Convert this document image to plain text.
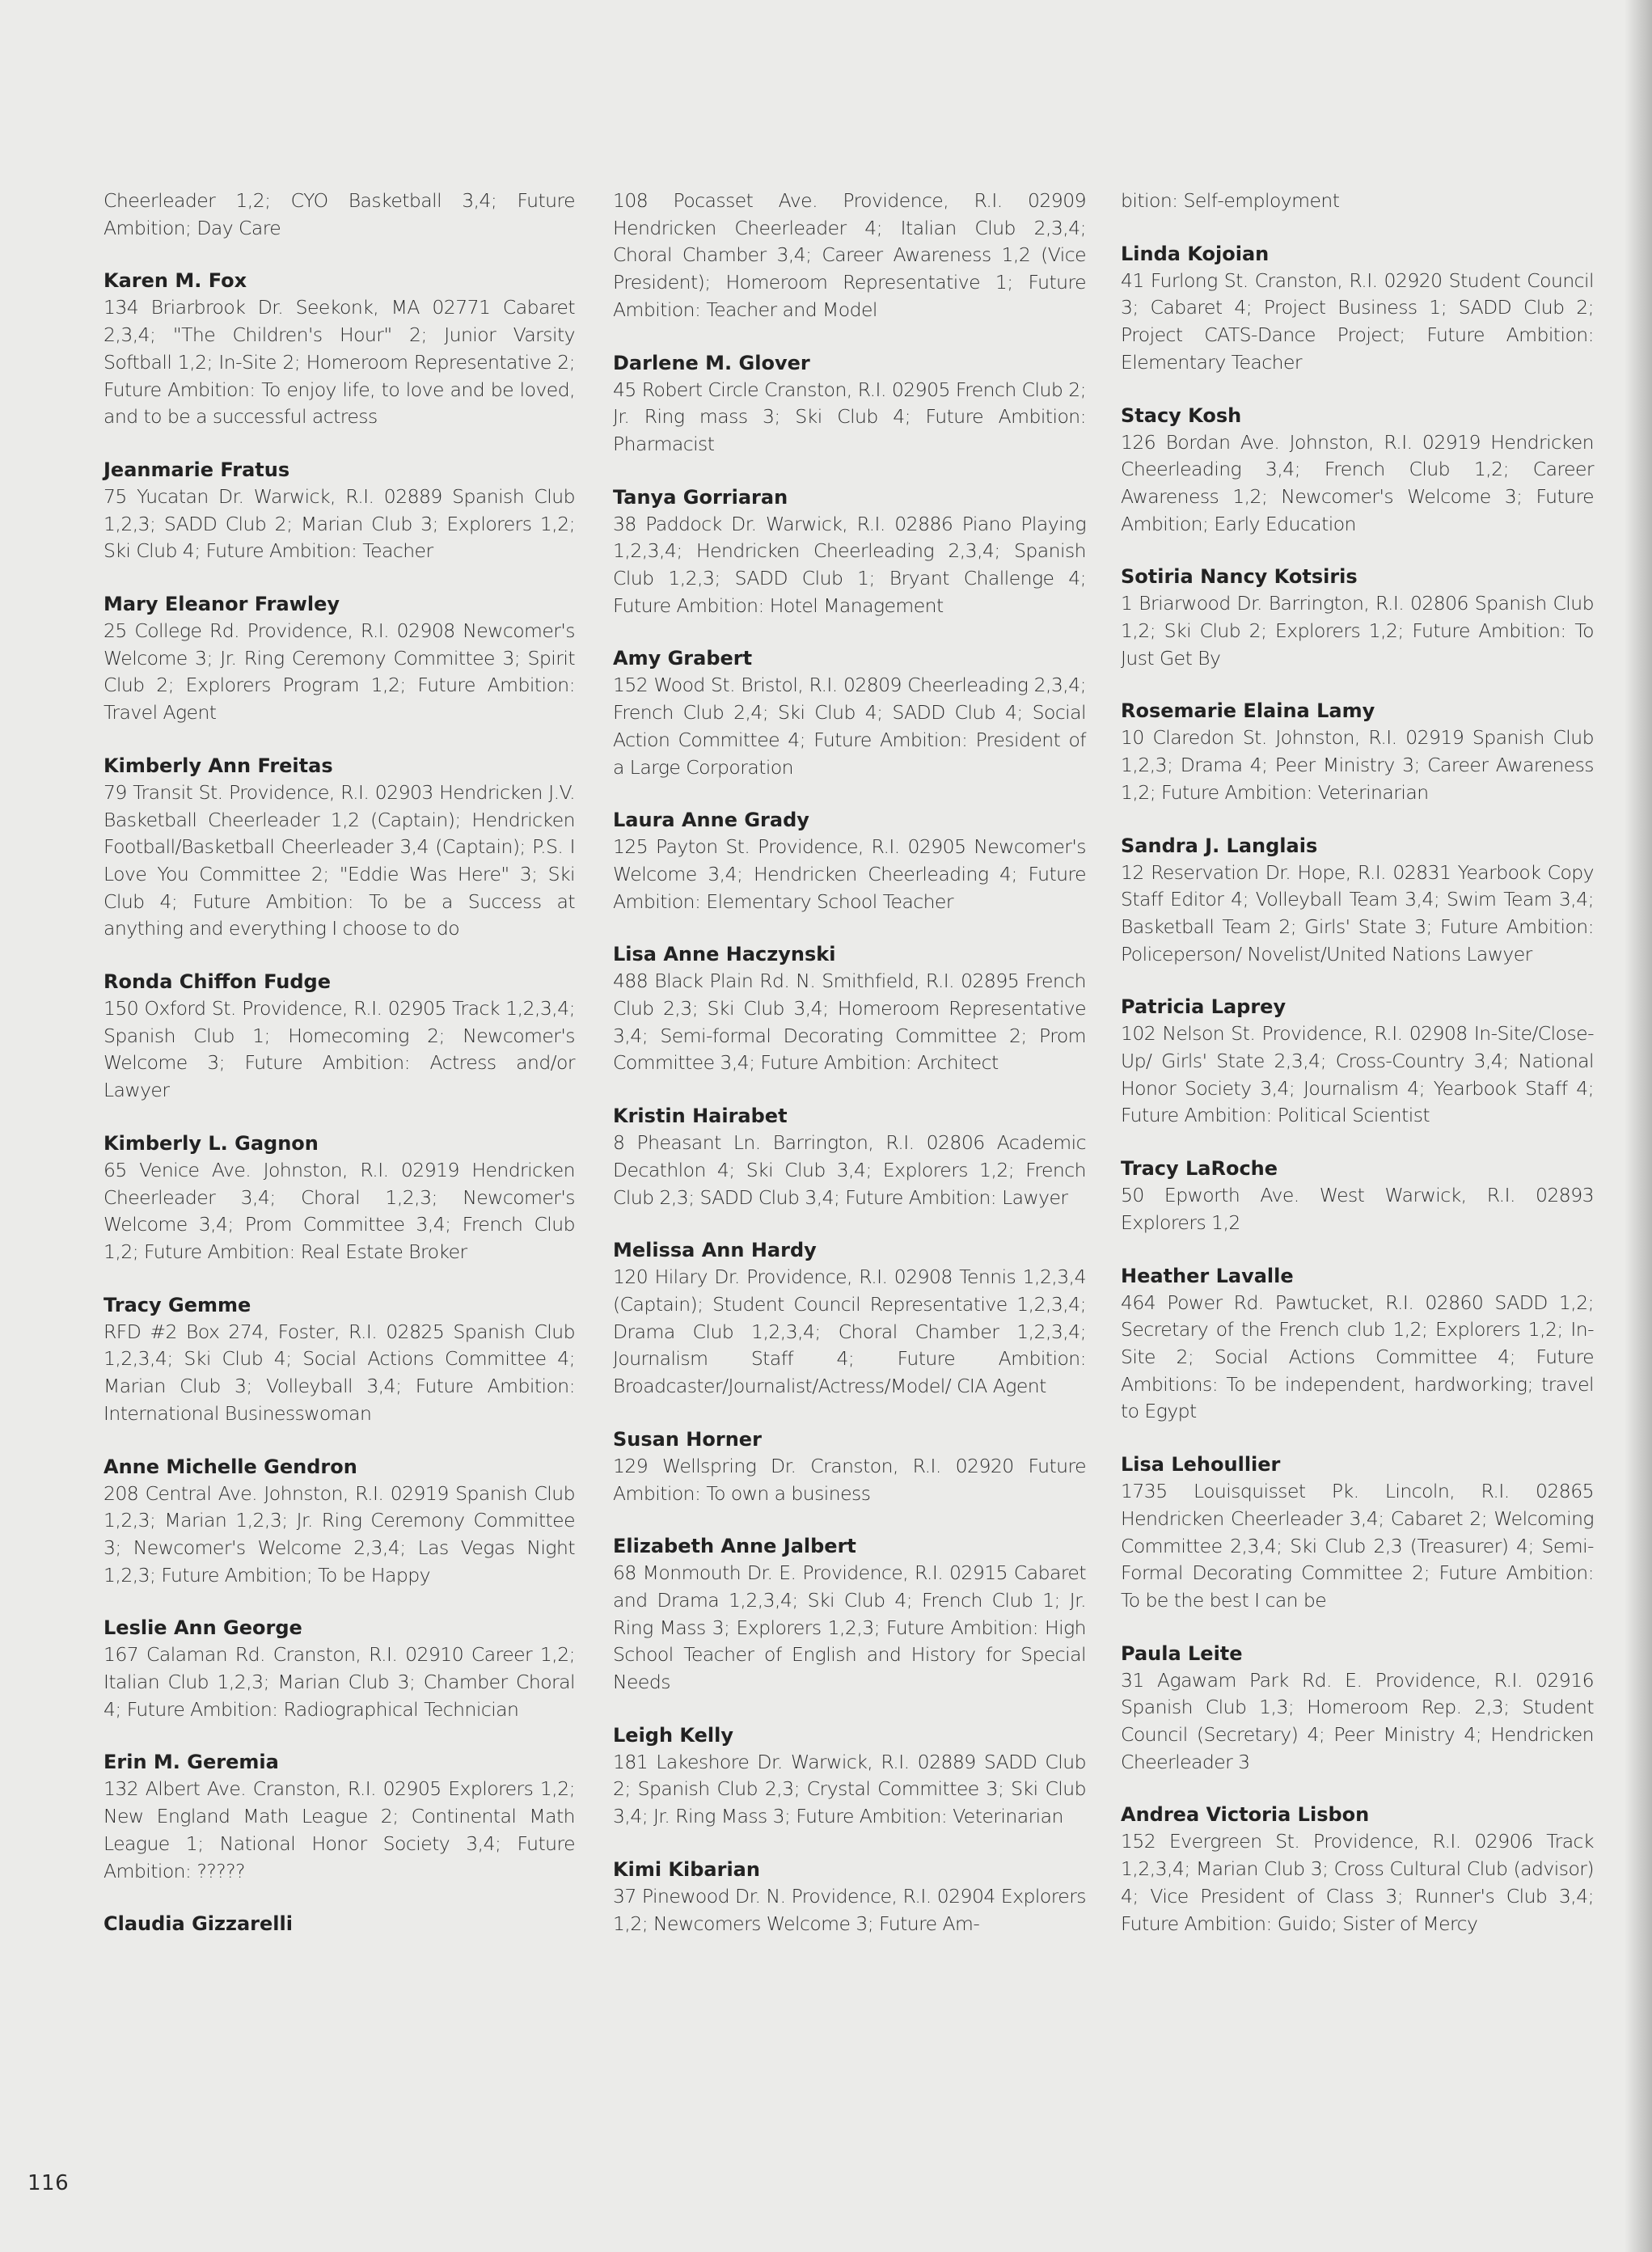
Cheerleader 1,2; CYO Basketball 3,4; Future Ambition; Day Care

Karen M. Fox

134 Briarbrook Dr. Seekonk, MA 02771 Cabaret 2,3,4; "The Children's Hour" 2; Junior Varsity Softball 1,2; In-Site 2; Homeroom Representative 2; Future Ambition: To enjoy life, to love and be loved, and to be a successful actress

Jeanmarie Fratus

75 Yucatan Dr. Warwick, R.I. 02889 Spanish Club 1,2,3; SADD Club 2; Marian Club 3; Explorers 1,2; Ski Club 4; Future Ambition: Teacher

Mary Eleanor Frawley

25 College Rd. Providence, R.I. 02908 Newcomer's Welcome 3; Jr. Ring Ceremony Committee 3; Spirit Club 2; Explorers Program 1,2; Future Ambition: Travel Agent

Kimberly Ann Freitas

79 Transit St. Providence, R.I. 02903 Hendricken J.V. Basketball Cheerleader 1,2 (Captain); Hendricken Football/Basketball Cheerleader 3,4 (Captain); P.S. I Love You Committee 2; "Eddie Was Here" 3; Ski Club 4; Future Ambition: To be a Success at anything and everything I choose to do

Ronda Chiffon Fudge

150 Oxford St. Providence, R.I. 02905 Track 1,2,3,4; Spanish Club 1; Homecoming 2; Newcomer's Welcome 3; Future Ambition: Actress and/or Lawyer

Kimberly L. Gagnon

65 Venice Ave. Johnston, R.I. 02919 Hendricken Cheerleader 3,4; Choral 1,2,3; Newcomer's Welcome 3,4; Prom Committee 3,4; French Club 1,2; Future Ambition: Real Estate Broker

Tracy Gemme

RFD #2 Box 274, Foster, R.I. 02825 Spanish Club 1,2,3,4; Ski Club 4; Social Actions Committee 4; Marian Club 3; Volleyball 3,4; Future Ambition: International Businesswoman

Anne Michelle Gendron

208 Central Ave. Johnston, R.I. 02919 Spanish Club 1,2,3; Marian 1,2,3; Jr. Ring Ceremony Committee 3; Newcomer's Welcome 2,3,4; Las Vegas Night 1,2,3; Future Ambition; To be Happy

Leslie Ann George

167 Calaman Rd. Cranston, R.I. 02910 Career 1,2; Italian Club 1,2,3; Marian Club 3; Chamber Choral 4; Future Ambition: Radiographical Technician

Erin M. Geremia

132 Albert Ave. Cranston, R.I. 02905 Explorers 1,2; New England Math League 2; Continental Math League 1; National Honor Society 3,4; Future Ambition: ?????

Claudia Gizzarelli

108 Pocasset Ave. Providence, R.I. 02909 Hendricken Cheerleader 4; Italian Club 2,3,4; Choral Chamber 3,4; Career Awareness 1,2 (Vice President); Homeroom Representative 1; Future Ambition: Teacher and Model

Darlene M. Glover

45 Robert Circle Cranston, R.I. 02905 French Club 2; Jr. Ring mass 3; Ski Club 4; Future Ambition: Pharmacist

Tanya Gorriaran

38 Paddock Dr. Warwick, R.I. 02886 Piano Playing 1,2,3,4; Hendricken Cheerleading 2,3,4; Spanish Club 1,2,3; SADD Club 1; Bryant Challenge 4; Future Ambition: Hotel Management

Amy Grabert

152 Wood St. Bristol, R.I. 02809 Cheerleading 2,3,4; French Club 2,4; Ski Club 4; SADD Club 4; Social Action Committee 4; Future Ambition: President of a Large Corporation

Laura Anne Grady

125 Payton St. Providence, R.I. 02905 Newcomer's Welcome 3,4; Hendricken Cheerleading 4; Future Ambition: Elementary School Teacher

Lisa Anne Haczynski

488 Black Plain Rd. N. Smithfield, R.I. 02895 French Club 2,3; Ski Club 3,4; Homeroom Representative 3,4; Semi-formal Decorating Committee 2; Prom Committee 3,4; Future Ambition: Architect

Kristin Hairabet

8 Pheasant Ln. Barrington, R.I. 02806 Academic Decathlon 4; Ski Club 3,4; Explorers 1,2; French Club 2,3; SADD Club 3,4; Future Ambition: Lawyer

Melissa Ann Hardy

120 Hilary Dr. Providence, R.I. 02908 Tennis 1,2,3,4 (Captain); Student Council Representative 1,2,3,4; Drama Club 1,2,3,4; Choral Chamber 1,2,3,4; Journalism Staff 4; Future Ambition: Broadcaster/Journalist/Actress/Model/ CIA Agent

Susan Horner

129 Wellspring Dr. Cranston, R.I. 02920 Future Ambition: To own a business

Elizabeth Anne Jalbert

68 Monmouth Dr. E. Providence, R.I. 02915 Cabaret and Drama 1,2,3,4; Ski Club 4; French Club 1; Jr. Ring Mass 3; Explorers 1,2,3; Future Ambition: High School Teacher of English and History for Special Needs

Leigh Kelly

181 Lakeshore Dr. Warwick, R.I. 02889 SADD Club 2; Spanish Club 2,3; Crystal Committee 3; Ski Club 3,4; Jr. Ring Mass 3; Future Ambition: Veterinarian

Kimi Kibarian

37 Pinewood Dr. N. Providence, R.I. 02904 Explorers 1,2; Newcomers Welcome 3; Future Am-

bition: Self-employment

Linda Kojoian

41 Furlong St. Cranston, R.I. 02920 Student Council 3; Cabaret 4; Project Business 1; SADD Club 2; Project CATS-Dance Project; Future Ambition: Elementary Teacher

Stacy Kosh

126 Bordan Ave. Johnston, R.I. 02919 Hendricken Cheerleading 3,4; French Club 1,2; Career Awareness 1,2; Newcomer's Welcome 3; Future Ambition; Early Education

Sotiria Nancy Kotsiris

1 Briarwood Dr. Barrington, R.I. 02806 Spanish Club 1,2; Ski Club 2; Explorers 1,2; Future Ambition: To Just Get By

Rosemarie Elaina Lamy

10 Claredon St. Johnston, R.I. 02919 Spanish Club 1,2,3; Drama 4; Peer Ministry 3; Career Awareness 1,2; Future Ambition: Veterinarian

Sandra J. Langlais

12 Reservation Dr. Hope, R.I. 02831 Yearbook Copy Staff Editor 4; Volleyball Team 3,4; Swim Team 3,4; Basketball Team 2; Girls' State 3; Future Ambition: Policeperson/ Novelist/United Nations Lawyer

Patricia Laprey

102 Nelson St. Providence, R.I. 02908 In-Site/Close-Up/ Girls' State 2,3,4; Cross-Country 3,4; National Honor Society 3,4; Journalism 4; Yearbook Staff 4; Future Ambition: Political Scientist

Tracy LaRoche

50 Epworth Ave. West Warwick, R.I. 02893 Explorers 1,2

Heather Lavalle

464 Power Rd. Pawtucket, R.I. 02860 SADD 1,2; Secretary of the French club 1,2; Explorers 1,2; In-Site 2; Social Actions Committee 4; Future Ambitions: To be independent, hardworking; travel to Egypt

Lisa Lehoullier

1735 Louisquisset Pk. Lincoln, R.I. 02865 Hendricken Cheerleader 3,4; Cabaret 2; Welcoming Committee 2,3,4; Ski Club 2,3 (Treasurer) 4; Semi-Formal Decorating Committee 2; Future Ambition: To be the best I can be

Paula Leite

31 Agawam Park Rd. E. Providence, R.I. 02916 Spanish Club 1,3; Homeroom Rep. 2,3; Student Council (Secretary) 4; Peer Ministry 4; Hendricken Cheerleader 3

Andrea Victoria Lisbon

152 Evergreen St. Providence, R.I. 02906 Track 1,2,3,4; Marian Club 3; Cross Cultural Club (advisor) 4; Vice President of Class 3; Runner's Club 3,4; Future Ambition: Guido; Sister of Mercy

116
